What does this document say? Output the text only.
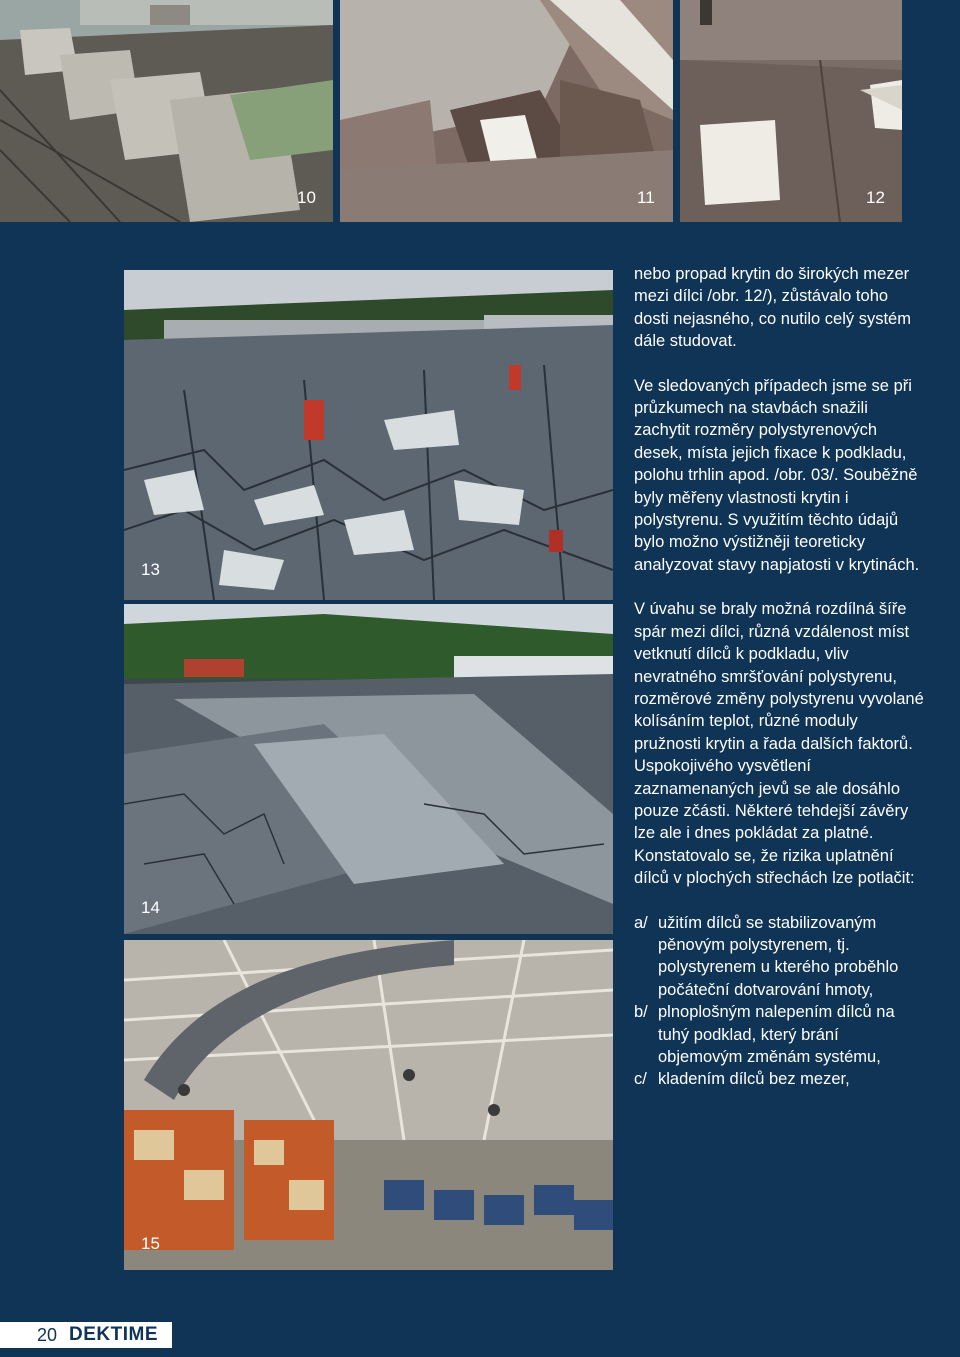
10	11	12
13
14
15

nebo propad krytin do širokých mezer mezi dílci /obr. 12/), zůstávalo toho dosti nejasného, co nutilo celý systém dále studovat.

Ve sledovaných případech jsme se při průzkumech na stavbách snažili zachytit rozměry polystyrenových desek, místa jejich fixace k podkladu, polohu trhlin apod. /obr. 03/. Souběžně byly měřeny vlastnosti krytin i polystyrenu. S využitím těchto údajů bylo možno výstižněji teoreticky analyzovat stavy napjatosti v krytinách.

V úvahu se braly možná rozdílná šíře spár mezi dílci, různá vzdálenost míst vetknutí dílců k podkladu, vliv nevratného smršťování polystyrenu, rozměrové změny polystyrenu vyvolané kolísáním teplot, různé moduly pružnosti krytin a řada dalších faktorů. Uspokojivého vysvětlení zaznamenaných jevů se ale dosáhlo pouze zčásti. Některé tehdejší závěry lze ale i dnes pokládat za platné. Konstatovalo se, že rizika uplatnění dílců v plochých střechách lze potlačit:

a/ užitím dílců se stabilizovaným pěnovým polystyrenem, tj. polystyrenem u kterého proběhlo počáteční dotvarování hmoty,
b/ plnoplošným nalepením dílců na tuhý podklad, který brání objemovým změnám systému,
c/ kladením dílců bez mezer,
20 DEKTIME
